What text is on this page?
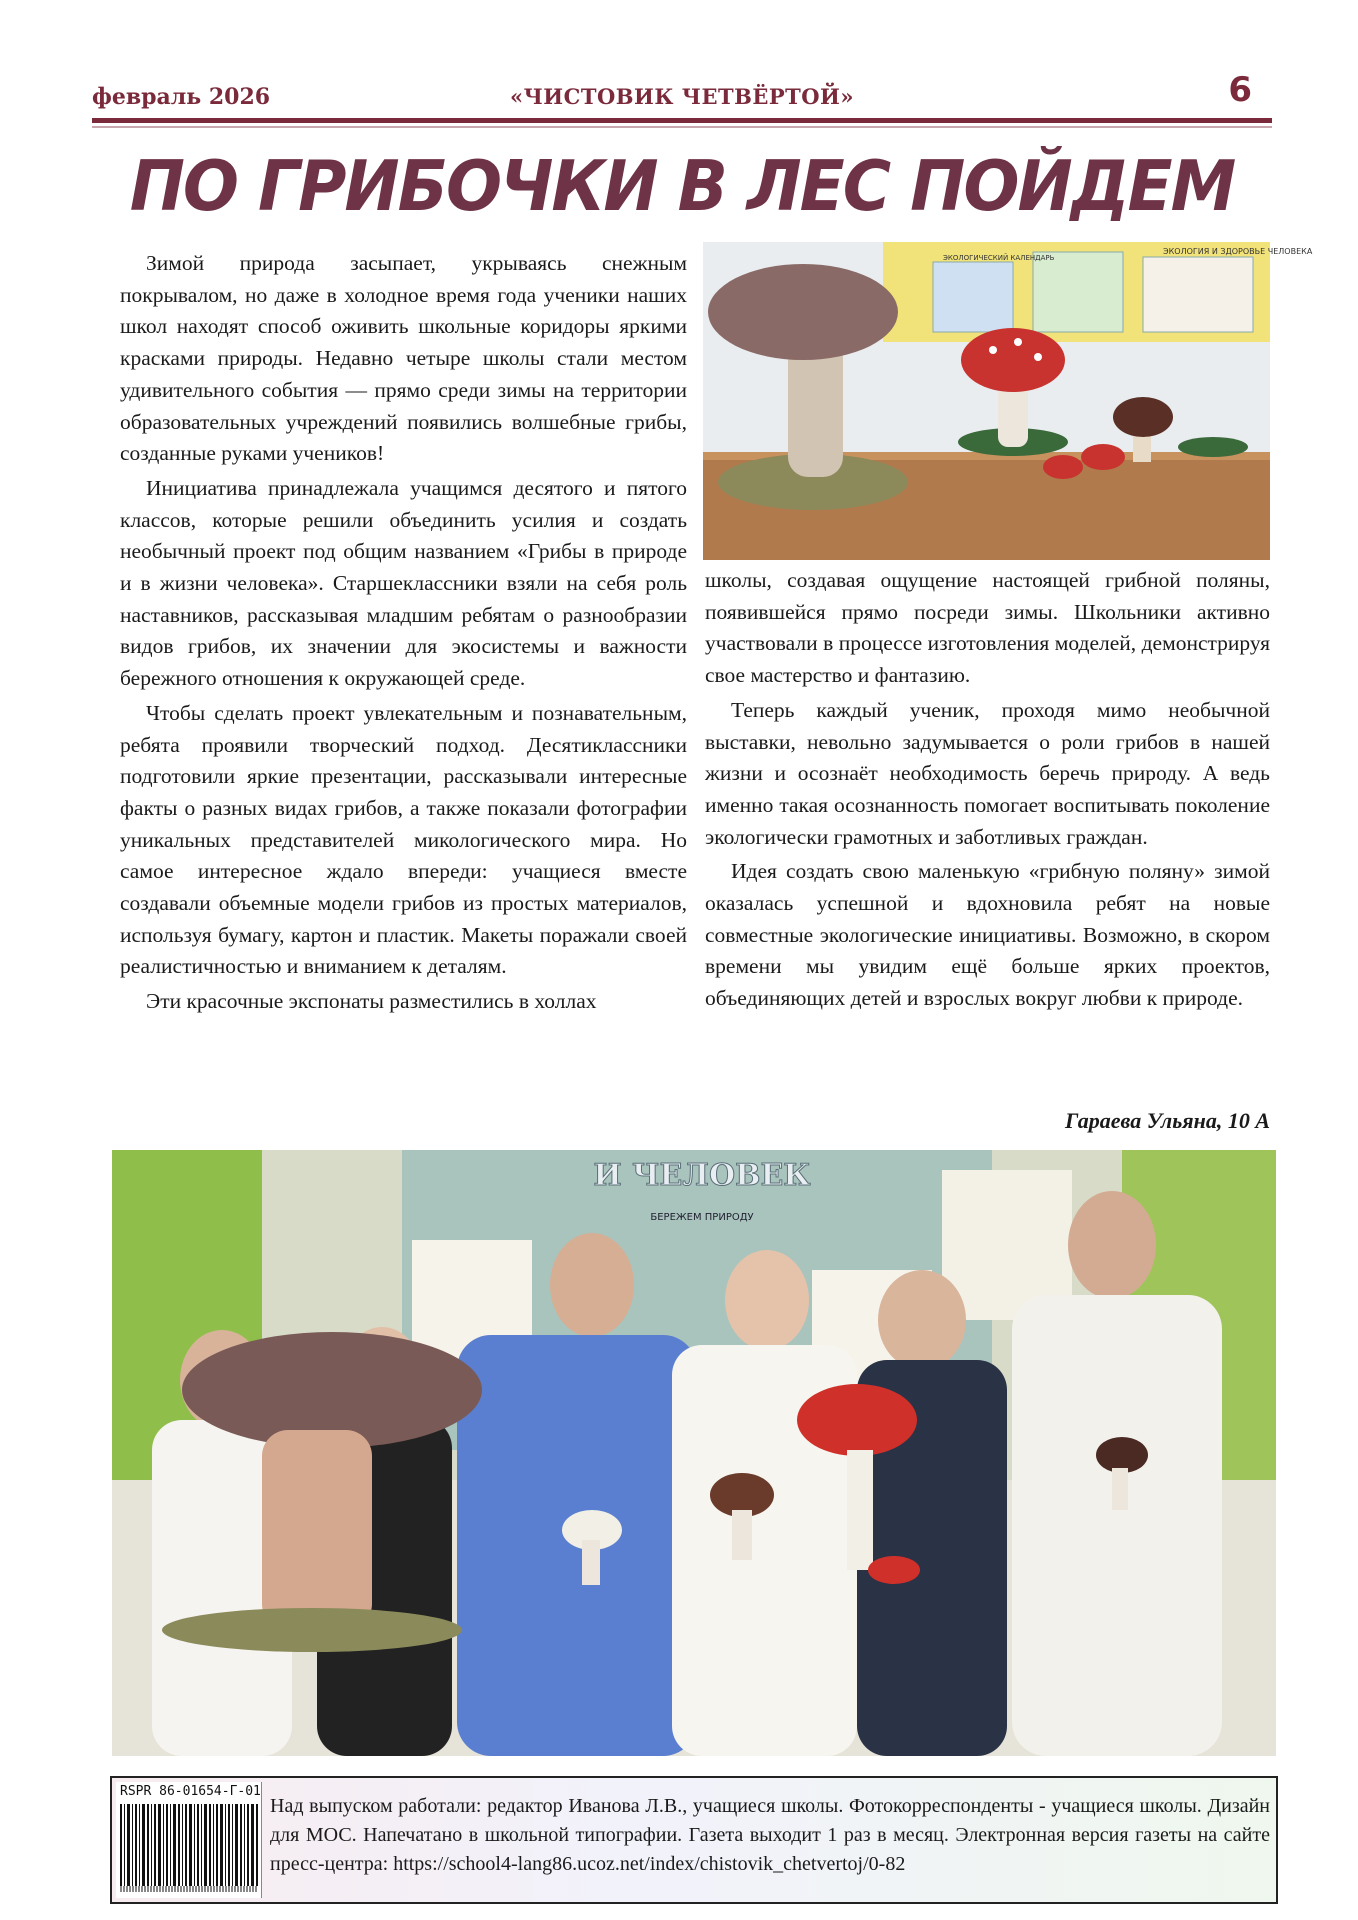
февраль 2026	«ЧИСТОВИК ЧЕТВЁРТОЙ»	6
ПО ГРИБОЧКИ В ЛЕС ПОЙДЕМ

Зимой природа засыпает, укрываясь снежным покрывалом, но даже в холодное время года ученики наших школ находят способ оживить школьные коридоры яркими красками природы. Недавно четыре школы стали местом удивительного события — прямо среди зимы на территории образовательных учреждений появились волшебные грибы, созданные руками учеников!

Инициатива принадлежала учащимся десятого и пятого классов, которые решили объединить усилия и создать необычный проект под общим названием «Грибы в природе и в жизни человека». Старшеклассники взяли на себя роль наставников, рассказывая младшим ребятам о разнообразии видов грибов, их значении для экосистемы и важности бережного отношения к окружающей среде.

Чтобы сделать проект увлекательным и познавательным, ребята проявили творческий подход. Десятиклассники подготовили яркие презентации, рассказывали интересные факты о разных видах грибов, а также показали фотографии уникальных представителей микологического мира. Но самое интересное ждало впереди: учащиеся вместе создавали объемные модели грибов из простых материалов, используя бумагу, картон и пластик. Макеты поражали своей реалистичностью и вниманием к деталям.

Эти красочные экспонаты разместились в холлах

ЭКОЛОГИЯ И ЗДОРОВЬЕ ЧЕЛОВЕКА
ЭКОЛОГИЧЕСКИЙ КАЛЕНДАРЬ

школы, создавая ощущение настоящей грибной поляны, появившейся прямо посреди зимы. Школьники активно участвовали в процессе изготовления моделей, демонстрируя свое мастерство и фантазию.

Теперь каждый ученик, проходя мимо необычной выставки, невольно задумывается о роли грибов в нашей жизни и осознаёт необходимость беречь природу. А ведь именно такая осознанность помогает воспитывать поколение экологически грамотных и заботливых граждан.

Идея создать свою маленькую «грибную поляну» зимой оказалась успешной и вдохновила ребят на новые совместные экологические инициативы. Возможно, в скором времени мы увидим ещё больше ярких проектов, объединяющих детей и взрослых вокруг любви к природе.

Гараева Ульяна, 10 А
И ЧЕЛОВЕК
БЕРЕЖЕМ ПРИРОДУ
RSPR 86-01654-Г-01
Над выпуском работали: редактор Иванова Л.В., учащиеся школы. Фотокорреспонденты - учащиеся школы. Дизайн для МОС. Напечатано в школьной типографии. Газета выходит 1 раз в месяц. Электронная версия газеты на сайте пресс-центра: https://school4-lang86.ucoz.net/index/chistovik_chetvertoj/0-82
